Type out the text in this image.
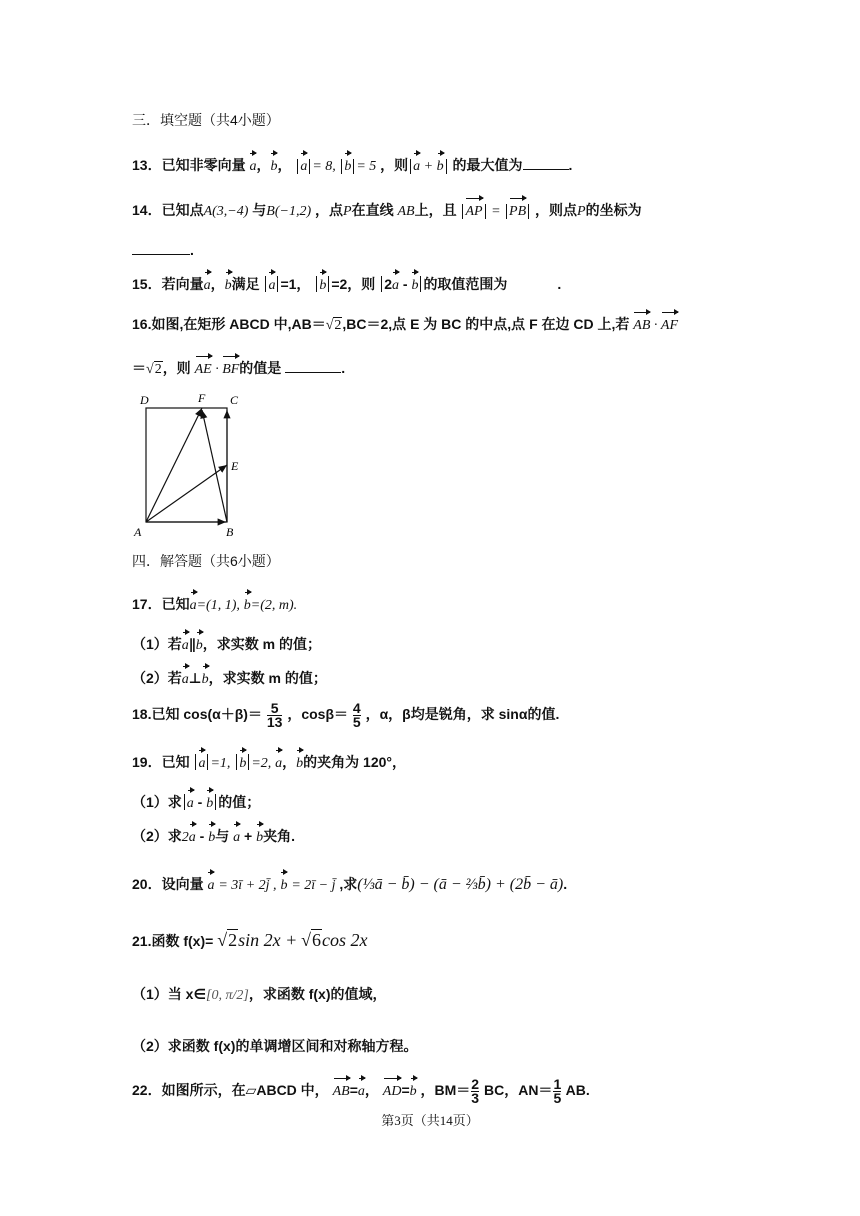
三．填空题（共4小题）
13．已知非零向量 a，b， a = 8, b = 5 ，则 a + b 的最大值为	.
14．已知点A(3,−4) 与B(−1,2) ，点P在直线 AB上，且 AP = PB ，则点P的坐标为
.
15．若向量a，b满足 a =1， b =2，则 2a - b 的取值范围为	.
16.如图,在矩形 ABCD 中,AB＝√2,BC＝2,点 E 为 BC 的中点,点 F 在边 CD 上,若 AB · AF
＝√2，则 AE · BF的值是	.
D	F C
E
A	B
四．解答题（共6小题）
17．已知a=(1, 1), b=(2, m).
（1）若a∥b，求实数 m 的值；
（2）若a⊥b，求实数 m 的值；
18.已知 $\cos(\alpha+\beta)= \frac{5}{13}$ ，$\cos\beta= \frac{4}{5}$ ，α，β均是锐角，求 sinα的值.
19．已知 a =1, b =2, a，b的夹角为 120°，
（1）求 a - b 的值；
（2）求2a - b与 a + b夹角.
20．设向量 a = 3ī + 2j̄ , b = 2ī − j̄ ,求(⅓ā − b̄) − (ā − ⅔b̄) + (2b̄ − ā).
21.函数 f(x)= √2sin 2x + √6cos 2x
（1）当 x∈[0, π/2]，求函数 f(x)的值域，
（2）求函数 f(x)的单调增区间和对称轴方程。
22．如图所示，在▱ABCD 中， AB=a， AD=b ，$BM= \frac{2}{3}$ BC，$AN= \frac{1}{5}$ AB.
第3页（共14页）
